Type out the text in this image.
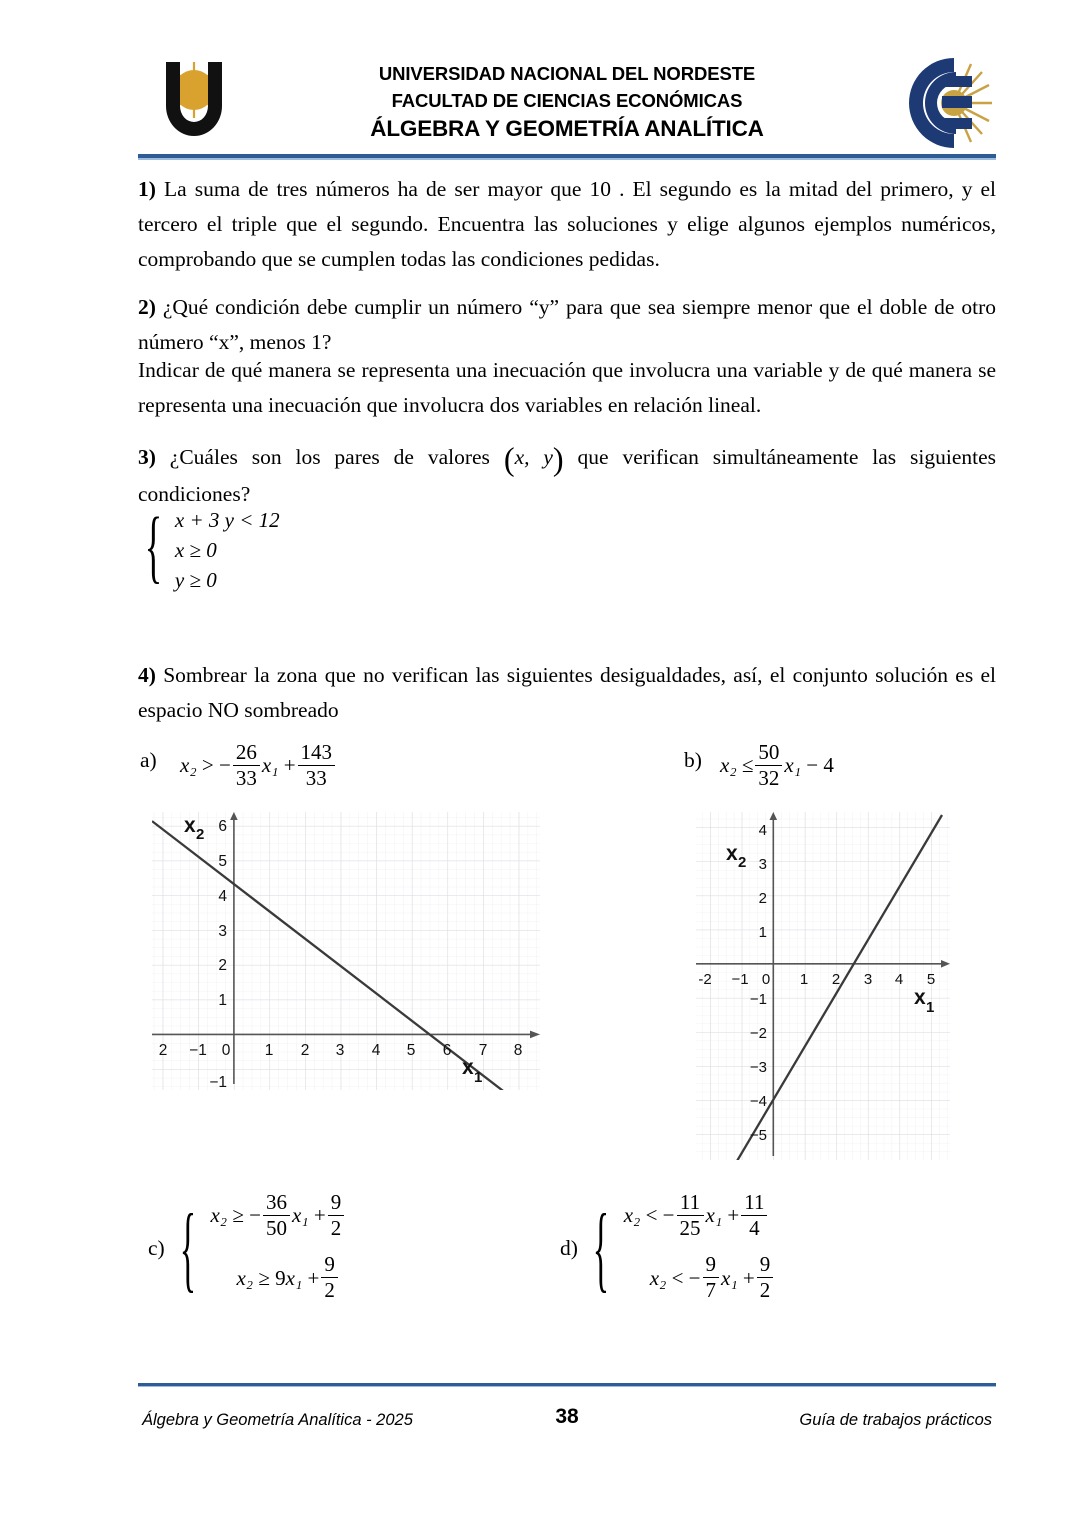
UNIVERSIDAD NACIONAL DEL NORDESTE
FACULTAD DE CIENCIAS ECONÓMICAS
ÁLGEBRA Y GEOMETRÍA ANALÍTICA
1) La suma de tres números ha de ser mayor que 10 . El segundo es la mitad del primero, y el tercero el triple que el segundo. Encuentra las soluciones y elige algunos ejemplos numéricos, comprobando que se cumplen todas las condiciones pedidas.
2) ¿Qué condición debe cumplir un número “y” para que sea siempre menor que el doble de otro número “x”, menos 1?
Indicar de qué manera se representa una inecuación que involucra una variable y de qué manera se representa una inecuación que involucra dos variables en relación lineal.
3) ¿Cuáles son los pares de valores (x, y) que verifican simultáneamente las siguientes condiciones?
{ x + 3 y < 12
x ≥ 0
y ≥ 0
4) Sombrear la zona que no verifican las siguientes desigualdades, así, el conjunto solución es el espacio NO sombreado
a) x₂ > − $\frac{26}{33} x_1 + \frac{143}{33}$	b) $x_2 \le \frac{50}{32} x_1 - 4$
2 −1 0 1 2 3 4 5 6 7 8
−1
1
2
3
4
5
6
x 2
x 1
-2 −1 0 1 2 3 4 5
4
3
2
1
−1
−2
−3
−4
−5
x 2
x 1
c) { x₂ ≥ − $\frac{36}{50} x_1 + \frac{9}{2}$
$x_2 \ge 9x_1 + \frac{9}{2}$
d) { x₂ < − $\frac{11}{25} x_1 + \frac{11}{4}$
x₂ < − $\frac{9}{7} x_1 + \frac{9}{2}$
Álgebra y Geometría Analítica - 2025	38	Guía de trabajos prácticos
